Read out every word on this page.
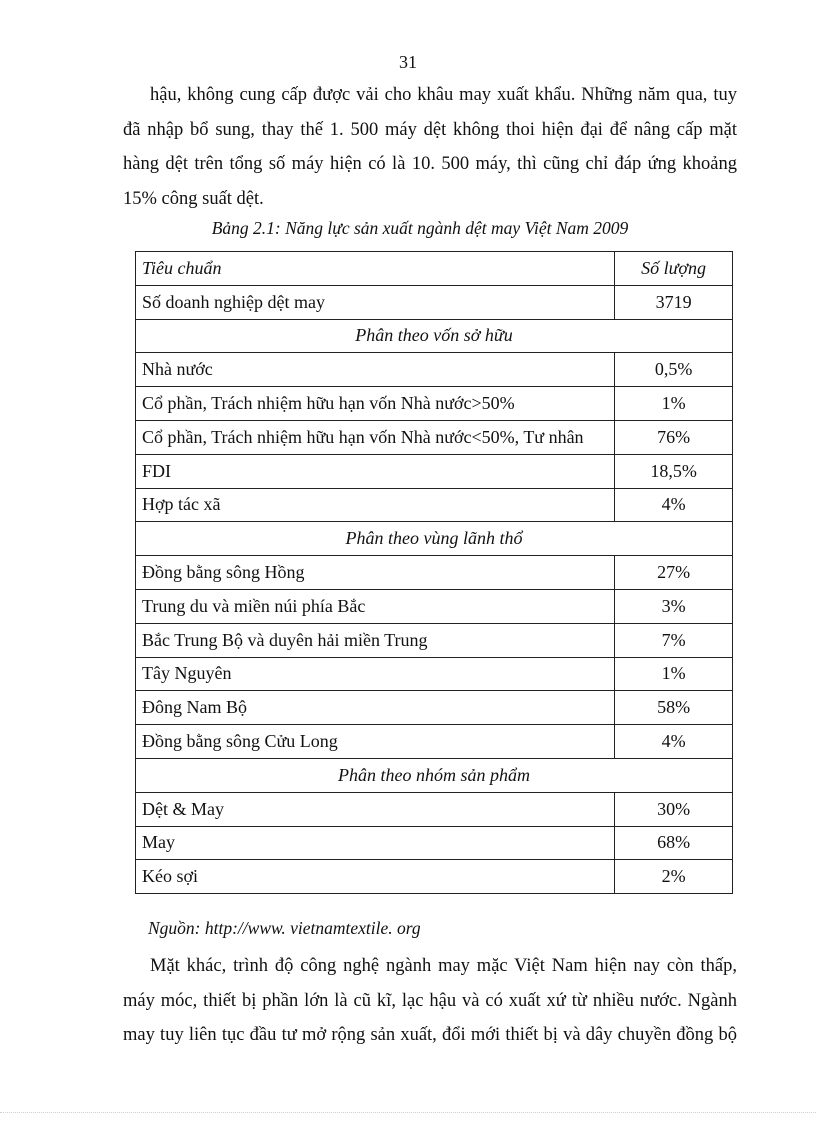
31

hậu, không cung cấp được vải cho khâu may xuất khẩu. Những năm qua, tuy
đã nhập bổ sung, thay thế 1. 500 máy dệt không thoi hiện đại để nâng cấp mặt
hàng dệt trên tổng số máy hiện có là 10. 500 máy, thì cũng chỉ đáp ứng khoảng
15% công suất dệt.

Bảng 2.1: Năng lực sản xuất ngành dệt may Việt Nam 2009
Tiêu chuẩn	Số lượng
Số doanh nghiệp dệt may	3719
Phân theo vốn sở hữu	
Nhà nước	0,5%
Cổ phần, Trách nhiệm hữu hạn vốn Nhà nước>50%	1%
Cổ phần, Trách nhiệm hữu hạn vốn Nhà nước<50%, Tư nhân	76%
FDI	18,5%
Hợp tác xã	4%
Phân theo vùng lãnh thổ	
Đồng bằng sông Hồng	27%
Trung du và miền núi phía Bắc	3%
Bắc Trung Bộ và duyên hải miền Trung	7%
Tây Nguyên	1%
Đông Nam Bộ	58%
Đồng bằng sông Cửu Long	4%
Phân theo nhóm sản phẩm	
Dệt & May	30%
May	68%
Kéo sợi	2%
Nguồn: http://www. vietnamtextile. org

Mặt khác, trình độ công nghệ ngành may mặc Việt Nam hiện nay còn thấp,
máy móc, thiết bị phần lớn là cũ kĩ, lạc hậu và có xuất xứ từ nhiều nước. Ngành
may tuy liên tục đầu tư mở rộng sản xuất, đổi mới thiết bị và dây chuyền đồng bộ
